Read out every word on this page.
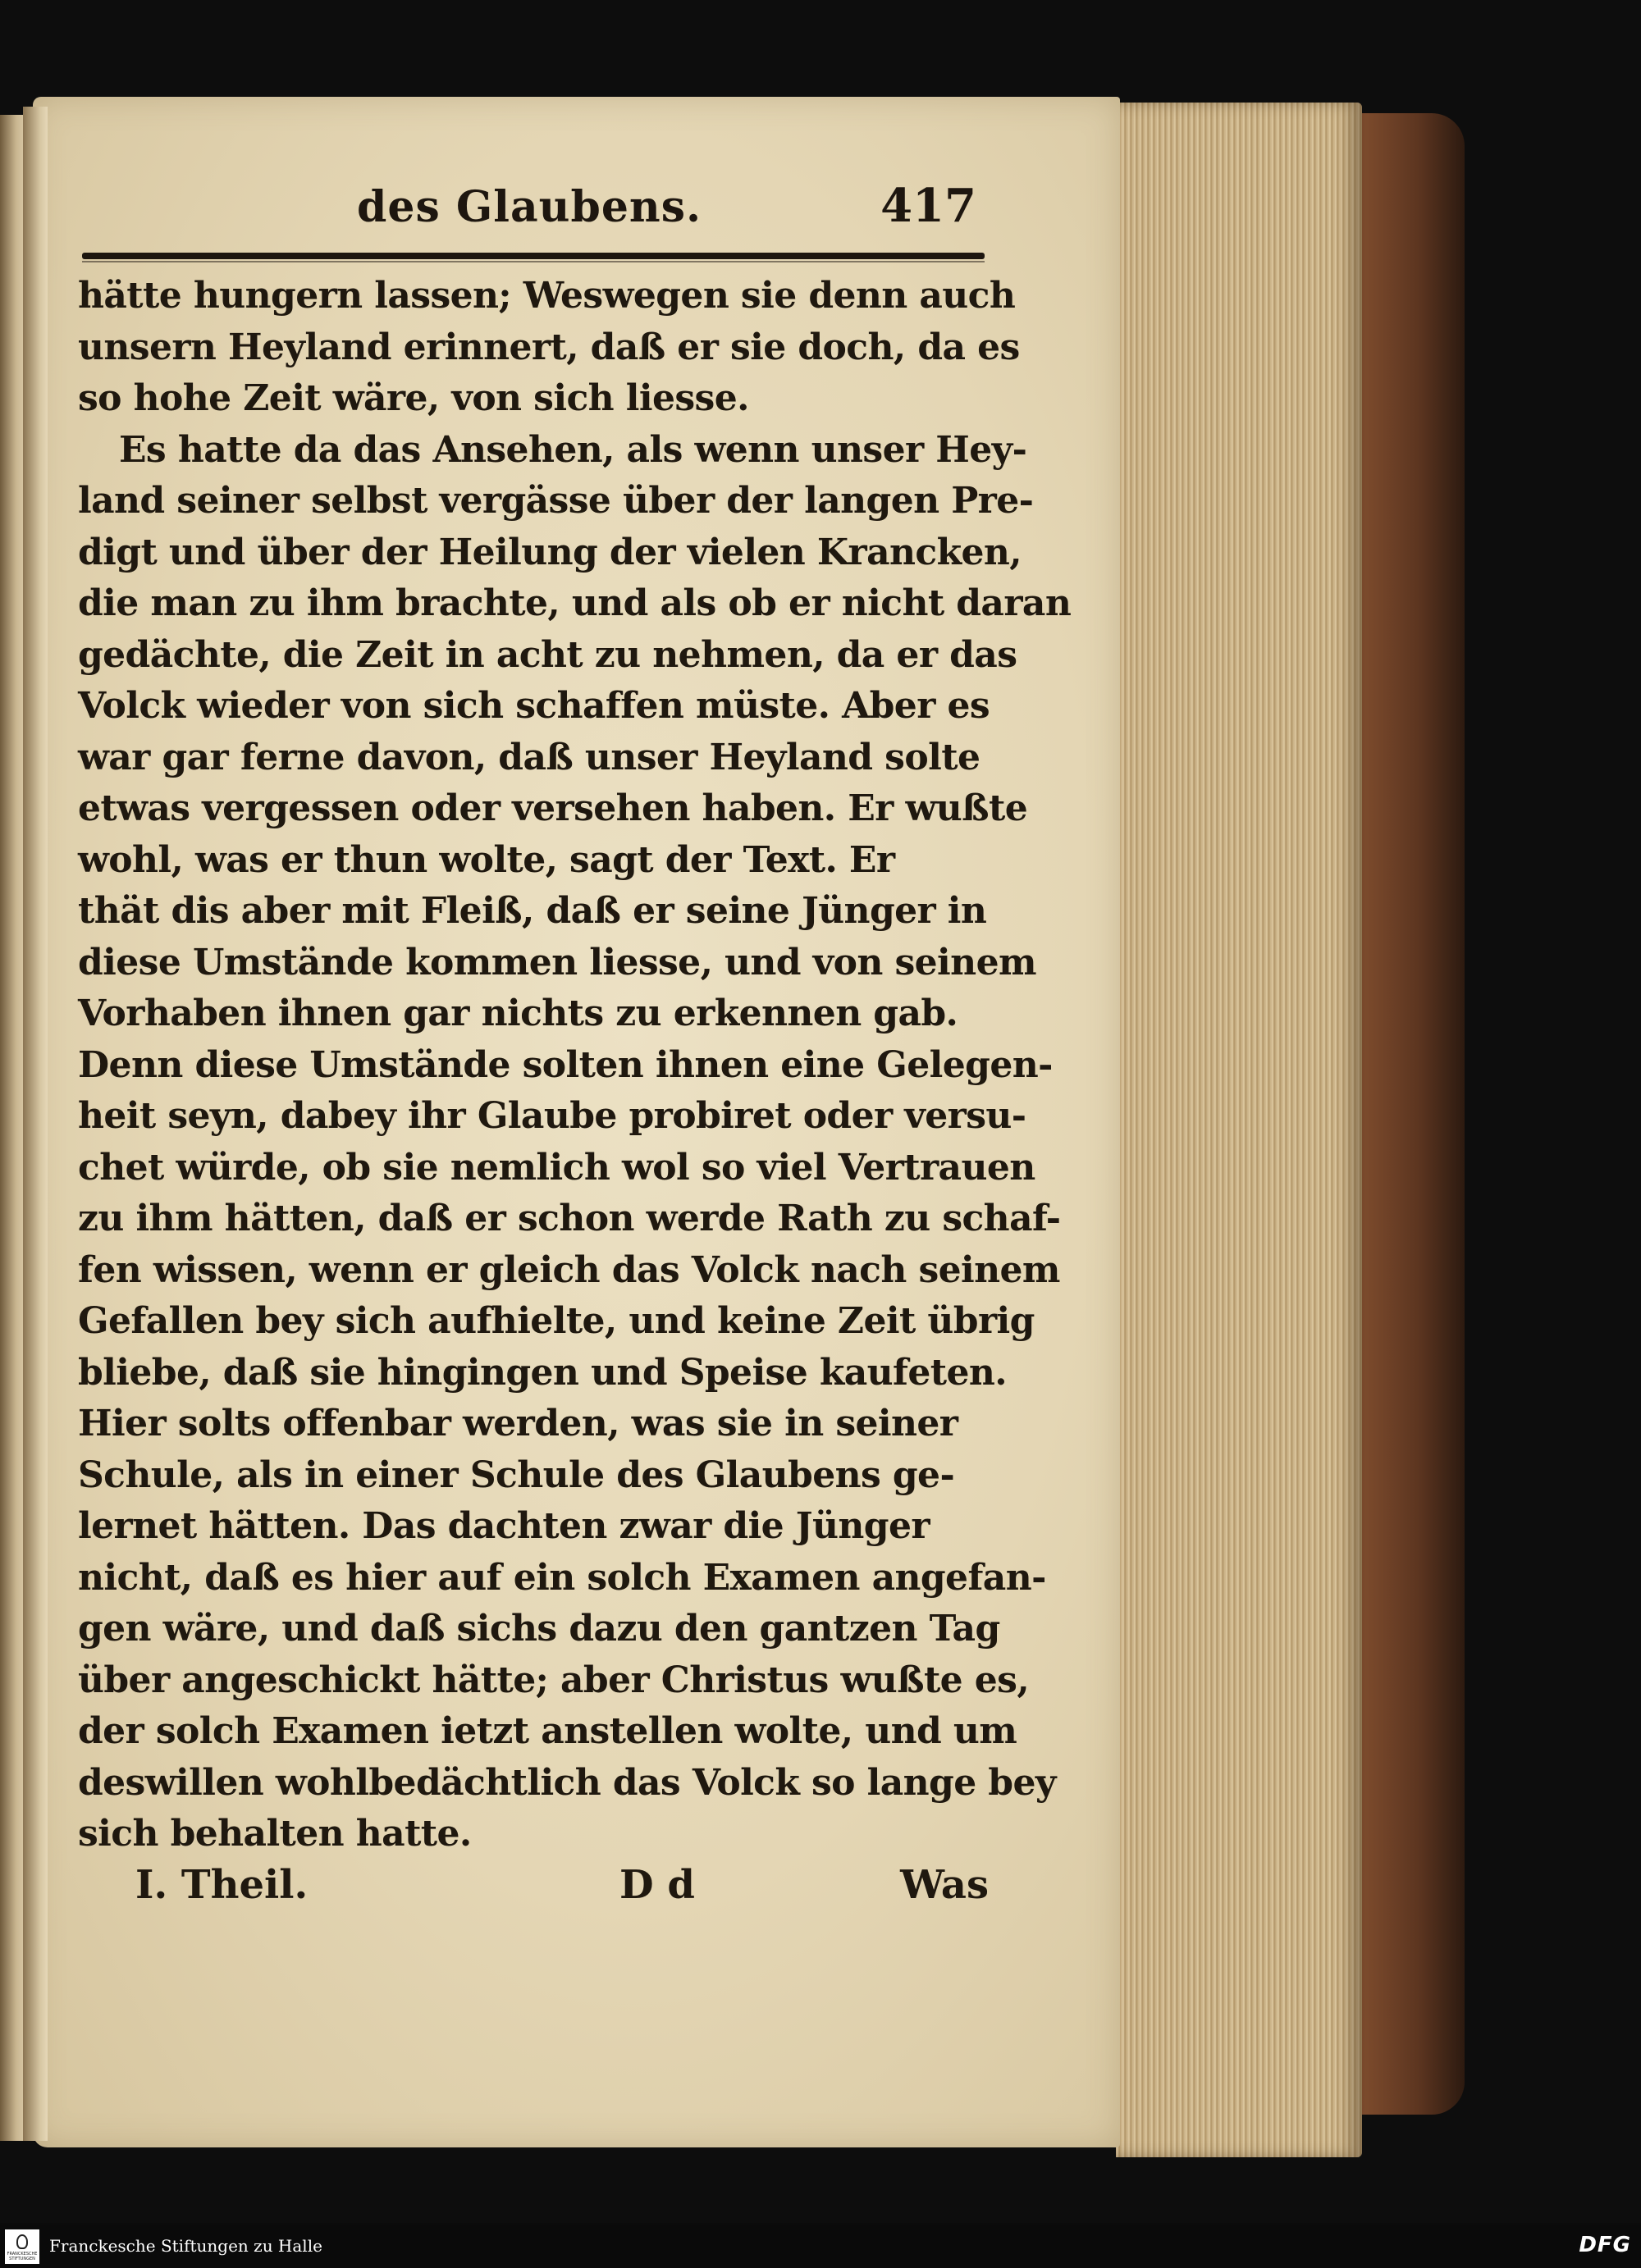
des Glaubens.	417
hätte hungern lassen; Weswegen sie denn auch
unsern Heyland erinnert, daß er sie doch, da es
so hohe Zeit wäre, von sich liesse.
Es hatte da das Ansehen, als wenn unser Hey-
land seiner selbst vergässe über der langen Pre-
digt und über der Heilung der vielen Krancken,
die man zu ihm brachte, und als ob er nicht daran
gedächte, die Zeit in acht zu nehmen, da er das
Volck wieder von sich schaffen müste. Aber es
war gar ferne davon, daß unser Heyland solte
etwas vergessen oder versehen haben. Er wußte
wohl, was er thun wolte, sagt der Text. Er
thät dis aber mit Fleiß, daß er seine Jünger in
diese Umstände kommen liesse, und von seinem
Vorhaben ihnen gar nichts zu erkennen gab.
Denn diese Umstände solten ihnen eine Gelegen-
heit seyn, dabey ihr Glaube probiret oder versu-
chet würde, ob sie nemlich wol so viel Vertrauen
zu ihm hätten, daß er schon werde Rath zu schaf-
fen wissen, wenn er gleich das Volck nach seinem
Gefallen bey sich aufhielte, und keine Zeit übrig
bliebe, daß sie hingingen und Speise kaufeten.
Hier solts offenbar werden, was sie in seiner
Schule, als in einer Schule des Glaubens ge-
lernet hätten. Das dachten zwar die Jünger
nicht, daß es hier auf ein solch Examen angefan-
gen wäre, und daß sichs dazu den gantzen Tag
über angeschickt hätte; aber Christus wußte es,
der solch Examen ietzt anstellen wolte, und um
deswillen wohlbedächtlich das Volck so lange bey
sich behalten hatte.
I. Theil.	D d	Was
FRANCKESCHE STIFTUNGEN
Franckesche Stiftungen zu Halle	DFG
